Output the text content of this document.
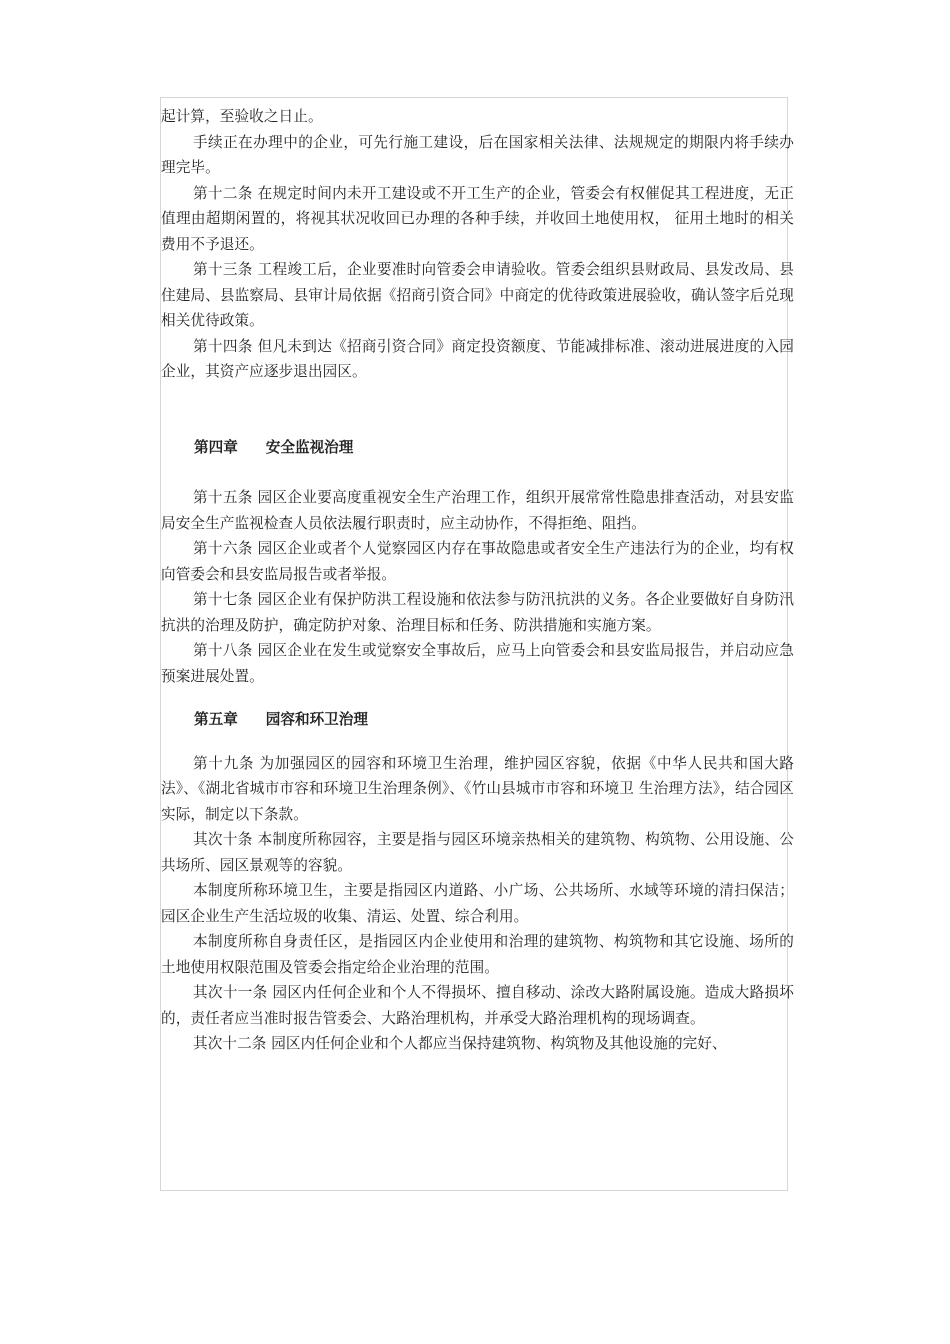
起计算，至验收之日止。

手续正在办理中的企业，可先行施工建设，后在国家相关法律、法规规定的期限内将手续办理完毕。

第十二条 在规定时间内未开工建设或不开工生产的企业，管委会有权催促其工程进度，无正值理由超期闲置的，将视其状况收回已办理的各种手续，并收回土地使用权， 征用土地时的相关费用不予退还。

第十三条 工程竣工后，企业要准时向管委会申请验收。管委会组织县财政局、县发改局、县住建局、县监察局、县审计局依据《招商引资合同》中商定的优待政策进展验收，确认签字后兑现相关优待政策。

第十四条 但凡未到达《招商引资合同》商定投资额度、节能减排标准、滚动进展进度的入园企业，其资产应逐步退出园区。

第四章 安全监视治理

第十五条 园区企业要高度重视安全生产治理工作，组织开展常常性隐患排查活动，对县安监局安全生产监视检查人员依法履行职责时，应主动协作，不得拒绝、阻挡。

第十六条 园区企业或者个人觉察园区内存在事故隐患或者安全生产违法行为的企业，均有权向管委会和县安监局报告或者举报。

第十七条 园区企业有保护防洪工程设施和依法参与防汛抗洪的义务。各企业要做好自身防汛抗洪的治理及防护，确定防护对象、治理目标和任务、防洪措施和实施方案。

第十八条 园区企业在发生或觉察安全事故后，应马上向管委会和县安监局报告，并启动应急预案进展处置。

第五章 园容和环卫治理

第十九条 为加强园区的园容和环境卫生治理，维护园区容貌，依据《中华人民共和国大路法》、《湖北省城市市容和环境卫生治理条例》、《竹山县城市市容和环境卫 生治理方法》，结合园区实际，制定以下条款。

其次十条 本制度所称园容，主要是指与园区环境亲热相关的建筑物、构筑物、公用设施、公共场所、园区景观等的容貌。

本制度所称环境卫生，主要是指园区内道路、小广场、公共场所、水域等环境的清扫保洁；园区企业生产生活垃圾的收集、清运、处置、综合利用。

本制度所称自身责任区，是指园区内企业使用和治理的建筑物、构筑物和其它设施、场所的土地使用权限范围及管委会指定给企业治理的范围。

其次十一条 园区内任何企业和个人不得损坏、擅自移动、涂改大路附属设施。造成大路损坏的，责任者应当准时报告管委会、大路治理机构，并承受大路治理机构的现场调查。

其次十二条 园区内任何企业和个人都应当保持建筑物、构筑物及其他设施的完好、
